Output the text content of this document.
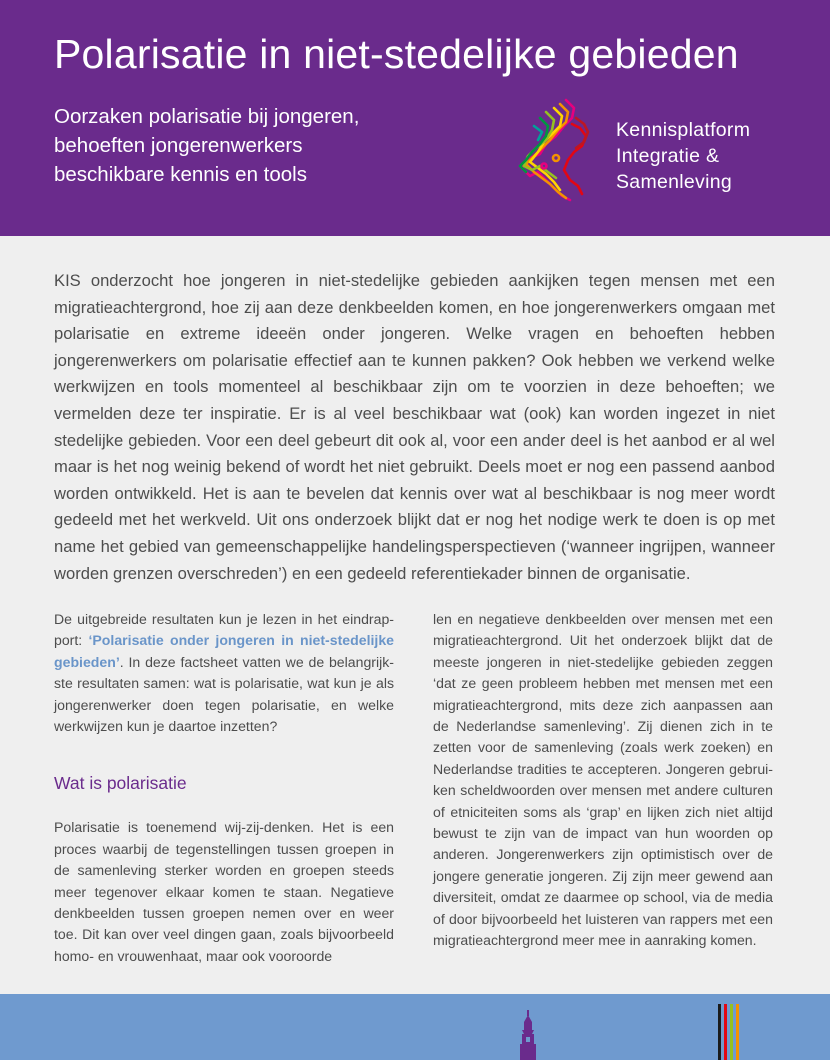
Polarisatie in niet-stedelijke gebieden
Oorzaken polarisatie bij jongeren,
behoeften jongerenwerkers
beschikbare kennis en tools
Kennisplatform
Integratie &
Samenleving

KIS onderzocht hoe jongeren in niet-stedelijke gebieden aankijken tegen mensen met een migratieachtergrond, hoe zij aan deze denkbeelden komen, en hoe jongerenwerkers omgaan met polarisatie en extreme ideeën onder jongeren. Welke vragen en behoeften hebben jongerenwerkers om polarisatie effectief aan te kunnen pakken? Ook hebben we verkend welke werkwijzen en tools momenteel al beschikbaar zijn om te voorzien in deze behoeften; we vermelden deze ter inspiratie. Er is al veel beschikbaar wat (ook) kan worden ingezet in niet stedelijke gebieden. Voor een deel gebeurt dit ook al, voor een ander deel is het aanbod er al wel maar is het nog weinig bekend of wordt het niet gebruikt. Deels moet er nog een passend aanbod worden ontwikkeld. Het is aan te bevelen dat kennis over wat al beschikbaar is nog meer wordt gedeeld met het werkveld. Uit ons onderzoek blijkt dat er nog het nodige werk te doen is op met name het gebied van gemeenschappelijke handelingsperspectieven (‘wanneer ingrijpen, wanneer worden grenzen overschreden’) en een gedeeld referentiekader binnen de organisatie.

De uitgebreide resultaten kun je lezen in het eindrapport: ‘Polarisatie onder jongeren in niet-stedelijke gebieden’. In deze factsheet vatten we de belangrijkste resultaten samen: wat is polarisatie, wat kun je als jongerenwerker doen tegen polarisatie, en welke werkwijzen kun je daartoe inzetten?

Wat is polarisatie

Polarisatie is toenemend wij-zij-denken. Het is een proces waarbij de tegenstellingen tussen groepen in de samenleving sterker worden en groepen steeds meer tegenover elkaar komen te staan. Negatieve denkbeelden tussen groepen nemen over en weer toe. Dit kan over veel dingen gaan, zoals bijvoorbeeld homo- en vrouwenhaat, maar ook vooroorde

len en negatieve denkbeelden over mensen met een migratieachtergrond. Uit het onderzoek blijkt dat de meeste jongeren in niet-stedelijke gebieden zeggen ‘dat ze geen probleem hebben met mensen met een migratieachtergrond, mits deze zich aanpassen aan de Nederlandse samenleving’. Zij dienen zich in te zetten voor de samenleving (zoals werk zoeken) en Nederlandse tradities te accepteren. Jongeren gebruiken scheldwoorden over mensen met andere culturen of etniciteiten soms als ‘grap’ en lijken zich niet altijd bewust te zijn van de impact van hun woorden op anderen. Jongerenwerkers zijn optimistisch over de jongere generatie jongeren. Zij zijn meer gewend aan diversiteit, omdat ze daarmee op school, via de media of door bijvoorbeeld het luisteren van rappers met een migratieachtergrond meer mee in aanraking komen.
